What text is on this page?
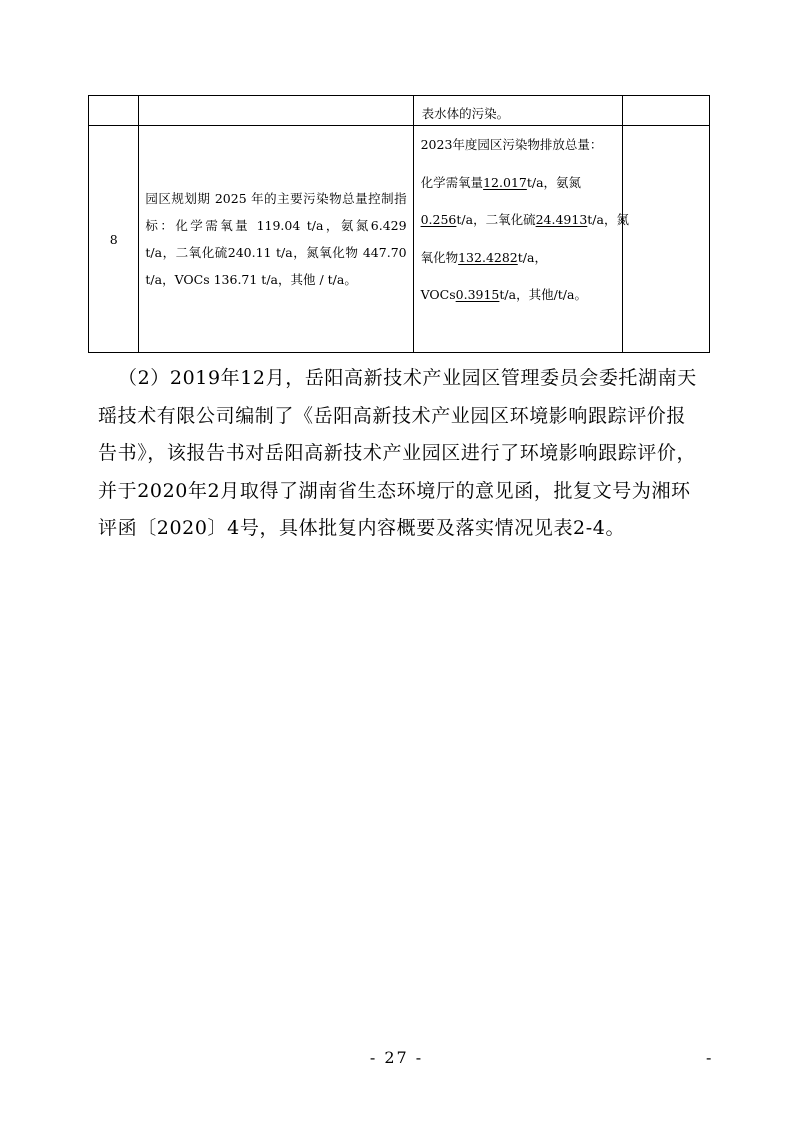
		表水体的污染。	

8	园区规划期 2025 年的主要污染物总量控制指标：化学需氧量 119.04 t/a，氨氮6.429 t/a，二氧化硫240.11 t/a，氮氧化物 447.70 t/a，VOCs 136.71 t/a，其他 / t/a。	2023年度园区污染物排放总量：
化学需氧量12.017t/a，氨氮
0.256t/a，二氧化硫24.4913t/a，氮
氧化物132.4282t/a，
VOCs0.3915t/a，其他/t/a。	

（2）2019年12月，岳阳高新技术产业园区管理委员会委托湖南天瑶技术有限公司编制了《岳阳高新技术产业园区环境影响跟踪评价报告书》，该报告书对岳阳高新技术产业园区进行了环境影响跟踪评价，并于2020年2月取得了湖南省生态环境厅的意见函，批复文号为湘环评函〔2020〕4号，具体批复内容概要及落实情况见表2-4。
- 27 -	-
